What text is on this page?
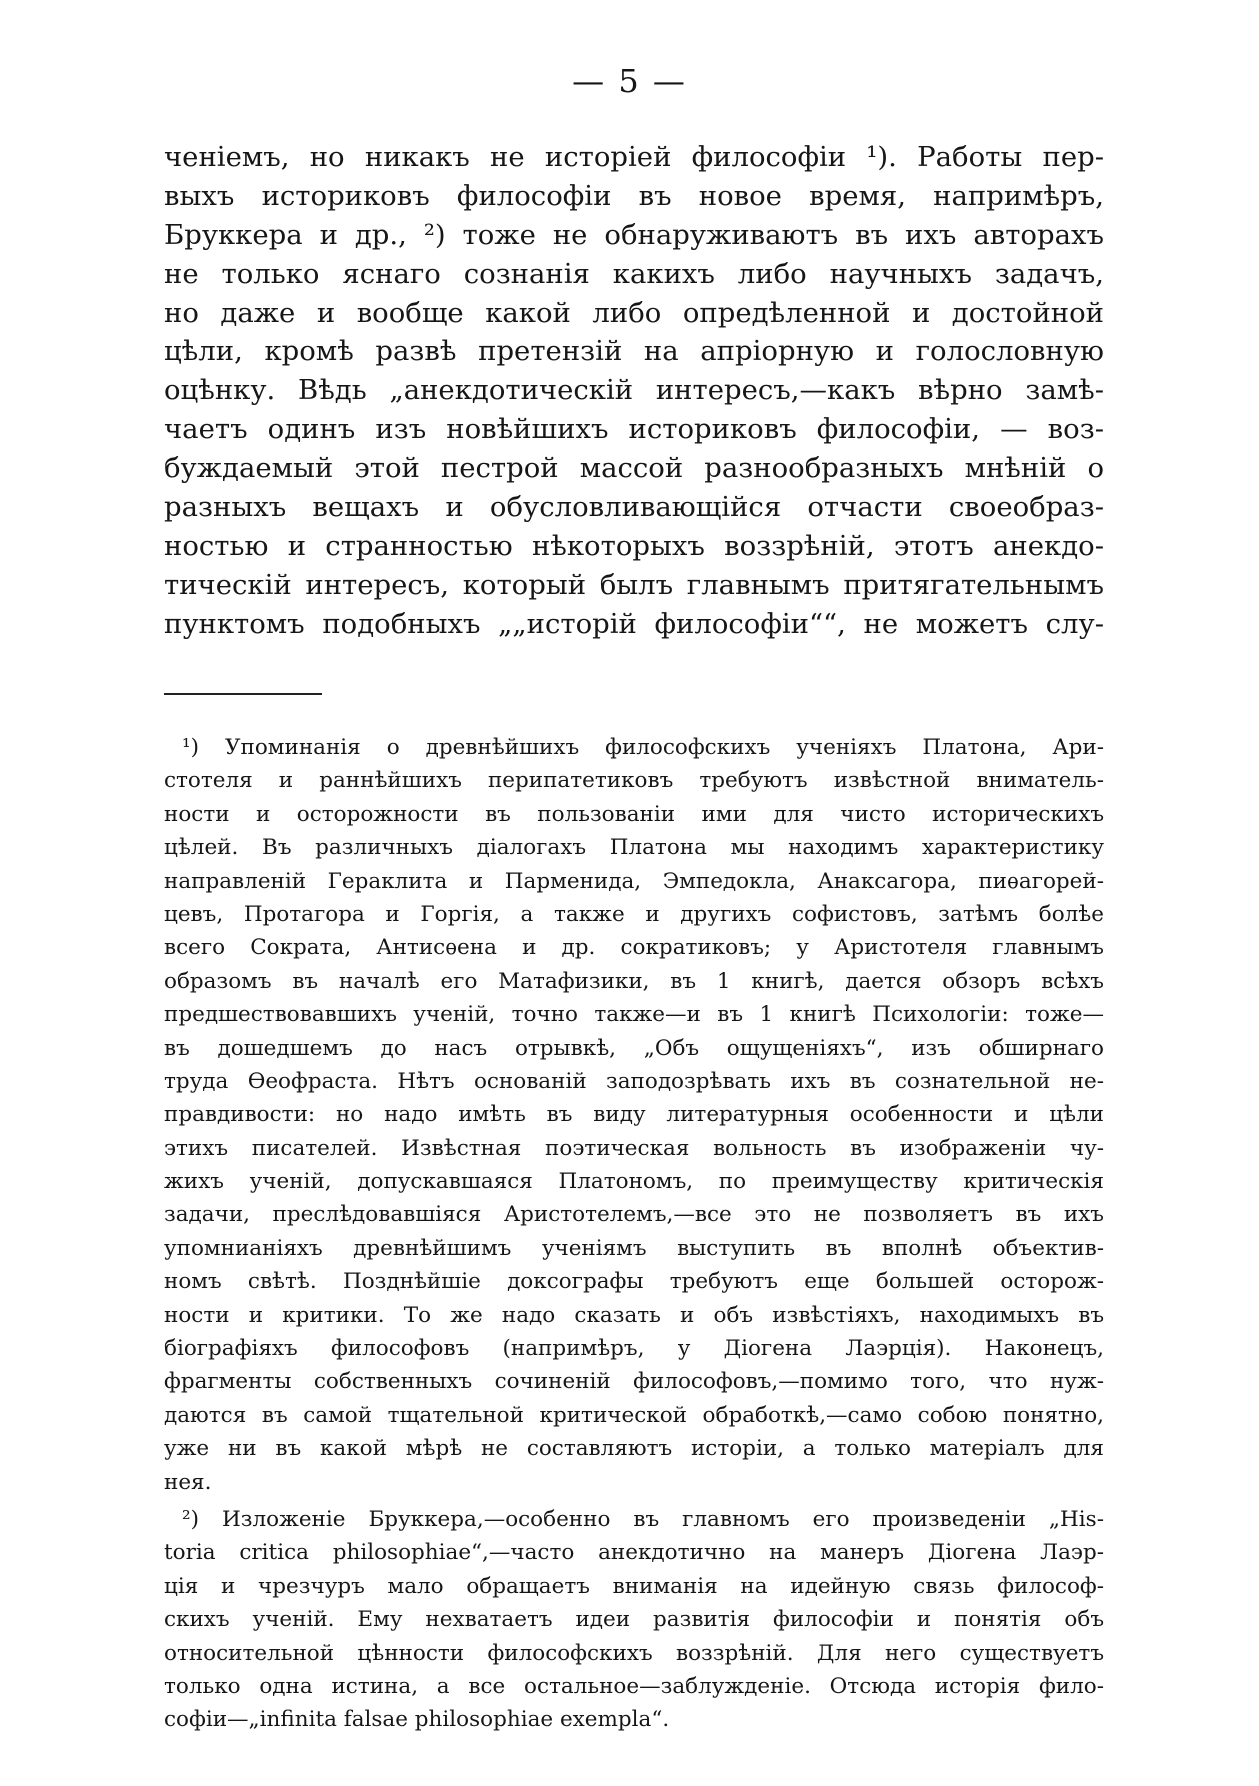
— 5 —
ченіемъ, но никакъ не исторіей философіи ¹). Работы пер-
выхъ историковъ философіи въ новое время, напримѣръ,
Бруккера и др., ²) тоже не обнаруживаютъ въ ихъ авторахъ
не только яснаго сознанія какихъ либо научныхъ задачъ,
но даже и вообще какой либо опредѣленной и достойной
цѣли, кромѣ развѣ претензій на апріорную и голословную
оцѣнку. Вѣдь „анекдотическій интересъ,—какъ вѣрно замѣ-
чаетъ одинъ изъ новѣйшихъ историковъ философіи, — воз-
буждаемый этой пестрой массой разнообразныхъ мнѣній о
разныхъ вещахъ и обусловливающійся отчасти своеобраз-
ностью и странностью нѣкоторыхъ воззрѣній, этотъ анекдо-
тическій интересъ, который былъ главнымъ притягательнымъ
пунктомъ подобныхъ „„исторій философіи““, не можетъ слу-
¹) Упоминанія о древнѣйшихъ философскихъ ученіяхъ Платона, Ари-
стотеля и раннѣйшихъ перипатетиковъ требуютъ извѣстной вниматель-
ности и осторожности въ пользованіи ими для чисто историческихъ
цѣлей. Въ различныхъ діалогахъ Платона мы находимъ характеристику
направленій Гераклита и Парменида, Эмпедокла, Анаксагора, пиѳагорей-
цевъ, Протагора и Горгія, а также и другихъ софистовъ, затѣмъ болѣе
всего Сократа, Антисѳена и др. сократиковъ; у Аристотеля главнымъ
образомъ въ началѣ его Матафизики, въ 1 книгѣ, дается обзоръ всѣхъ
предшествовавшихъ ученій, точно также—и въ 1 книгѣ Психологіи: тоже—
въ дошедшемъ до насъ отрывкѣ, „Объ ощущеніяхъ“, изъ обширнаго
труда Ѳеофраста. Нѣтъ основаній заподозрѣвать ихъ въ сознательной не-
правдивости: но надо имѣть въ виду литературныя особенности и цѣли
этихъ писателей. Извѣстная поэтическая вольность въ изображеніи чу-
жихъ ученій, допускавшаяся Платономъ, по преимуществу критическія
задачи, преслѣдовавшіяся Аристотелемъ,—все это не позволяетъ въ ихъ
упомнианіяхъ древнѣйшимъ ученіямъ выступить въ вполнѣ объектив-
номъ свѣтѣ. Позднѣйшіе доксографы требуютъ еще большей осторож-
ности и критики. То же надо сказать и объ извѣстіяхъ, находимыхъ въ
біографіяхъ философовъ (напримѣръ, у Діогена Лаэрція). Наконецъ,
фрагменты собственныхъ сочиненій философовъ,—помимо того, что нуж-
даются въ самой тщательной критической обработкѣ,—само собою понятно,
уже ни въ какой мѣрѣ не составляютъ исторіи, а только матеріалъ для
нея.
²) Изложеніе Бруккера,—особенно въ главномъ его произведеніи „His-
toria critica philosophiae“,—часто анекдотично на манеръ Діогена Лаэр-
ція и чрезчуръ мало обращаетъ вниманія на идейную связь философ-
скихъ ученій. Ему нехватаетъ идеи развитія философіи и понятія объ
относительной цѣнности философскихъ воззрѣній. Для него существуетъ
только одна истина, а все остальное—заблужденіе. Отсюда исторія фило-
софіи—„infinita falsae philosophiae exempla“.
